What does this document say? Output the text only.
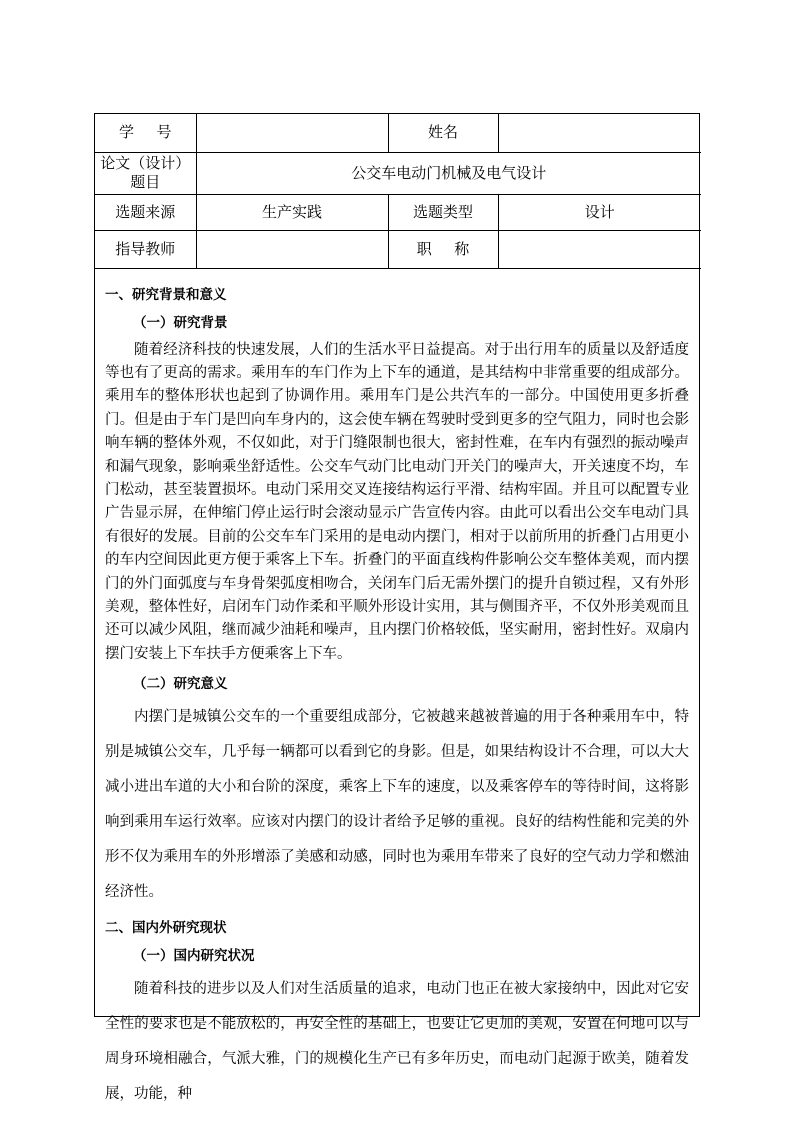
学号		姓名	

论文（设计）
题目	公交车电动门机械及电气设计		
选题来源	生产实践	选题类型	设计
指导教师		职称	
一、研究背景和意义
（一）研究背景

随着经济科技的快速发展，人们的生活水平日益提高。对于出行用车的质量以及舒适度等也有了更高的需求。乘用车的车门作为上下车的通道，是其结构中非常重要的组成部分。乘用车的整体形状也起到了协调作用。乘用车门是公共汽车的一部分。中国使用更多折叠门。但是由于车门是凹向车身内的，这会使车辆在驾驶时受到更多的空气阻力，同时也会影响车辆的整体外观，不仅如此，对于门缝限制也很大，密封性难，在车内有强烈的振动噪声和漏气现象，影响乘坐舒适性。公交车气动门比电动门开关门的噪声大，开关速度不均，车门松动，甚至装置损坏。电动门采用交叉连接结构运行平滑、结构牢固。并且可以配置专业广告显示屏，在伸缩门停止运行时会滚动显示广告宣传内容。由此可以看出公交车电动门具有很好的发展。目前的公交车车门采用的是电动内摆门，相对于以前所用的折叠门占用更小的车内空间因此更方便于乘客上下车。折叠门的平面直线构件影响公交车整体美观，而内摆门的外门面弧度与车身骨架弧度相吻合，关闭车门后无需外摆门的提升自锁过程，又有外形美观，整体性好，启闭车门动作柔和平顺外形设计实用，其与侧围齐平，不仅外形美观而且还可以减少风阻，继而减少油耗和噪声，且内摆门价格较低，坚实耐用，密封性好。双扇内摆门安装上下车扶手方便乘客上下车。

（二）研究意义

内摆门是城镇公交车的一个重要组成部分，它被越来越被普遍的用于各种乘用车中，特别是城镇公交车，几乎每一辆都可以看到它的身影。但是，如果结构设计不合理，可以大大减小进出车道的大小和台阶的深度，乘客上下车的速度，以及乘客停车的等待时间，这将影响到乘用车运行效率。应该对内摆门的设计者给予足够的重视。良好的结构性能和完美的外形不仅为乘用车的外形增添了美感和动感，同时也为乘用车带来了良好的空气动力学和燃油经济性。

二、国内外研究现状
（一）国内研究状况

随着科技的进步以及人们对生活质量的追求，电动门也正在被大家接纳中，因此对它安全性的要求也是不能放松的，再安全性的基础上，也要让它更加的美观，安置在何地可以与周身环境相融合，气派大雅，门的规模化生产已有多年历史，而电动门起源于欧美，随着发展，功能，种
